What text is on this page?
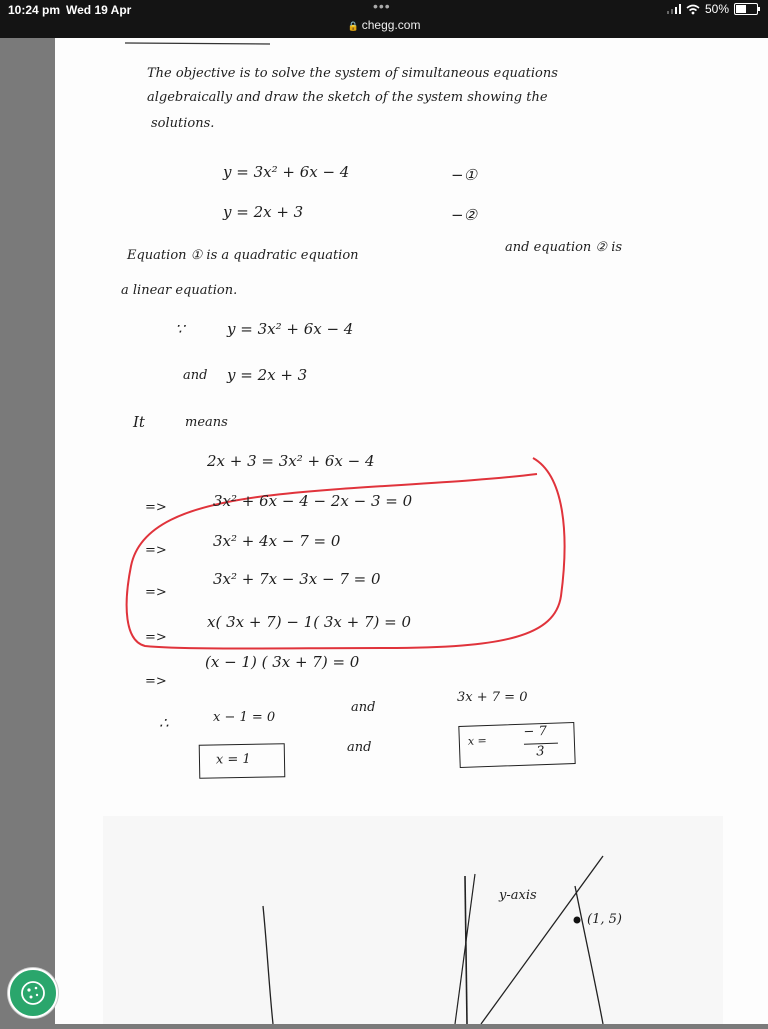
10:24 pm Wed 19 Apr	•••
🔒 chegg.com
50%
The objective is to solve the system of simultaneous equations
algebraically and draw the sketch of the system showing the
solutions.
y = 3x² + 6x − 4	−①
y = 2x + 3	−②
Equation ① is a quadratic equation
and equation ② is
a linear equation.
∵	y = 3x² + 6x − 4
and y = 2x + 3
It	means
2x + 3 = 3x² + 6x − 4
=>	3x² + 6x − 4 − 2x − 3 = 0
=>
3x² + 4x − 7 = 0
=>
3x² + 7x − 3x − 7 = 0
=>
x( 3x + 7) − 1( 3x + 7) = 0
=>
(x − 1) ( 3x + 7) = 0
∴	x − 1 = 0
and
3x + 7 = 0
and
x = 1
x =
− 7
3
y-axis
(1, 5)
